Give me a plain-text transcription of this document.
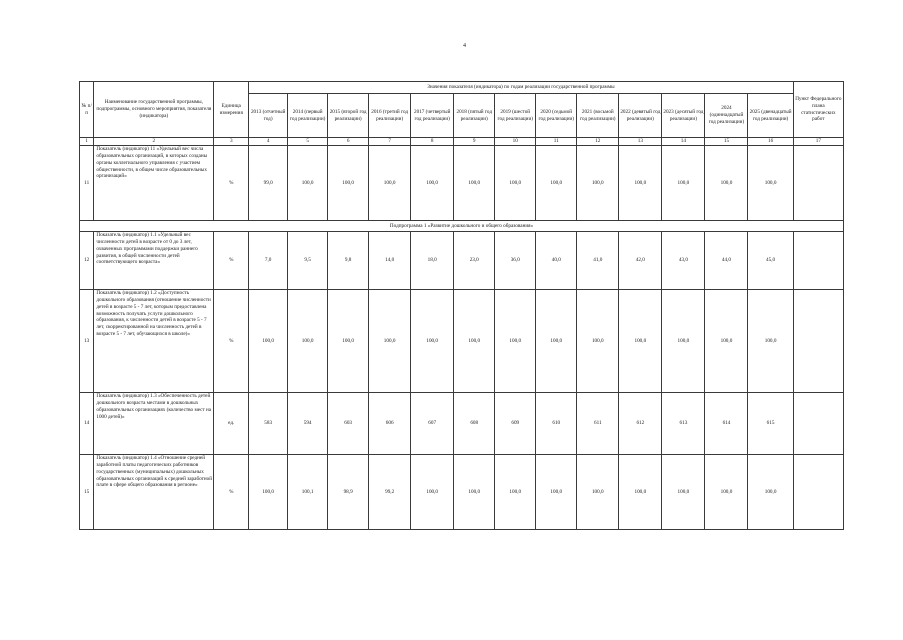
4
№ п/п	Наименование государственной программы, подпрограммы, основного мероприятия, показателя (индикатора)	Единица измерения	Значения показателя (индикатора) по годам реализации государственной программы													Пункт Федерального плана статистических работ
			2013 (отчетный год)	2014 (первый год реализации)	2015 (второй год реализации)	2016 (третий год реализации)	2017 (четвертый год реализации)	2018 (пятый год реализации)	2019 (шестой год реализации)	2020 (седьмой год реализации)	2021 (восьмой год реализации)	2022 (девятый год реализации)	2023 (десятый год реализации)	2024 (одиннадцатый год реализации)	2025 (двенадцатый год реализации)	
1	2	3	4	5	6	7	8	9	10	11	12	13	14	15	16	17
11	Показатель (индикатор) 11 «Удельный вес числа образовательных организаций, в которых созданы органы коллегиального управления с участием общественности, в общем числе образовательных организаций»	%	99,0	100,0	100,0	100,0	100,0	100,0	100,0	100,0	100,0	100,0	100,0	100,0	100,0	
Подпрограмма 1 «Развитие дошкольного и общего образования»																
12	Показатель (индикатор) 1.1 «Удельный вес численности детей в возрасте от 0 до 3 лет, охваченных программами поддержки раннего развития, в общей численности детей соответствующего возраста»	%	7,0	9,5	9,8	14,0	18,0	23,0	36,0	40,0	41,0	42,0	43,0	44,0	45,0	
13	Показатель (индикатор) 1.2 «Доступность дошкольного образования (отношение численности детей в возрасте 5 - 7 лет, которым предоставлена возможность получать услуги дошкольного образования, к численности детей в возрасте 5 - 7 лет, скорректированной на численность детей в возрасте 5 - 7 лет, обучающихся в школе)»	%	100,0	100,0	100,0	100,0	100,0	100,0	100,0	100,0	100,0	100,0	100,0	100,0	100,0	
14	Показатель (индикатор) 1.3 «Обеспеченность детей дошкольного возраста местами в дошкольных образовательных организациях (количество мест на 1000 детей)»	ед.	583	594	603	606	607	608	609	610	611	612	613	614	615	
15	Показатель (индикатор) 1.4 «Отношение средней заработной платы педагогических работников государственных (муниципальных) дошкольных образовательных организаций к средней заработной плате в сфере общего образования в регионе»	%	100,0	100,1	98,9	99,2	100,0	100,0	100,0	100,0	100,0	100,0	100,0	100,0	100,0	
